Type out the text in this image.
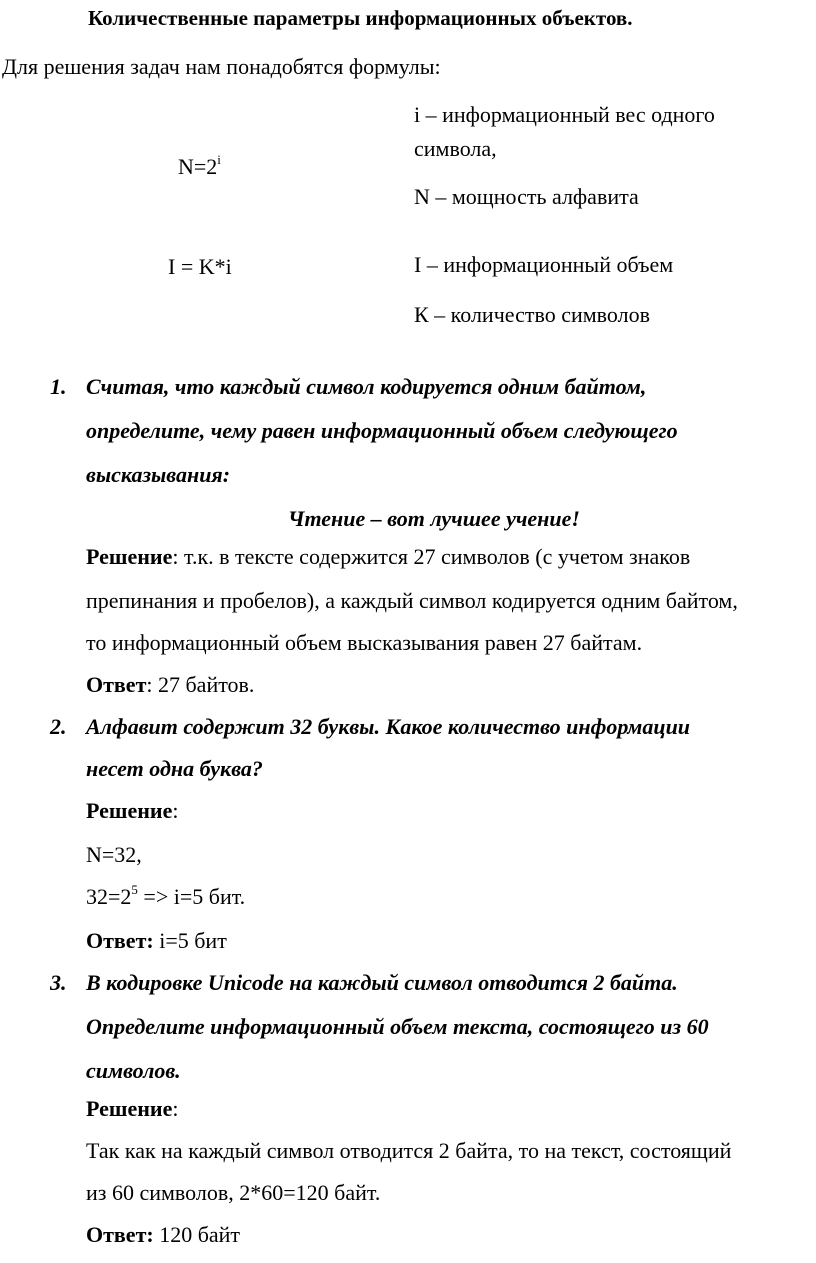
Количественные параметры информационных объектов.
Для решения задач нам понадобятся формулы:
$N=2^i$
I = K*i
i – информационный вес одного
символа,
N – мощность алфавита
I – информационный объем
К – количество символов
1. Считая, что каждый символ кодируется одним байтом,
определите, чему равен информационный объем следующего
высказывания:
Чтение – вот лучшее учение!
Решение: т.к. в тексте содержится 27 символов (с учетом знаков
препинания и пробелов), а каждый символ кодируется одним байтом,
то информационный объем высказывания равен 27 байтам.
Ответ: 27 байтов.
2. Алфавит содержит 32 буквы. Какое количество информации
несет одна буква?
Решение:
N=32,
$32=2^5 => i=5$ бит.
Ответ: i=5 бит
3. В кодировке Unicode на каждый символ отводится 2 байта.
Определите информационный объем текста, состоящего из 60
символов.
Решение:
Так как на каждый символ отводится 2 байта, то на текст, состоящий
из 60 символов, 2*60=120 байт.
Ответ: 120 байт
